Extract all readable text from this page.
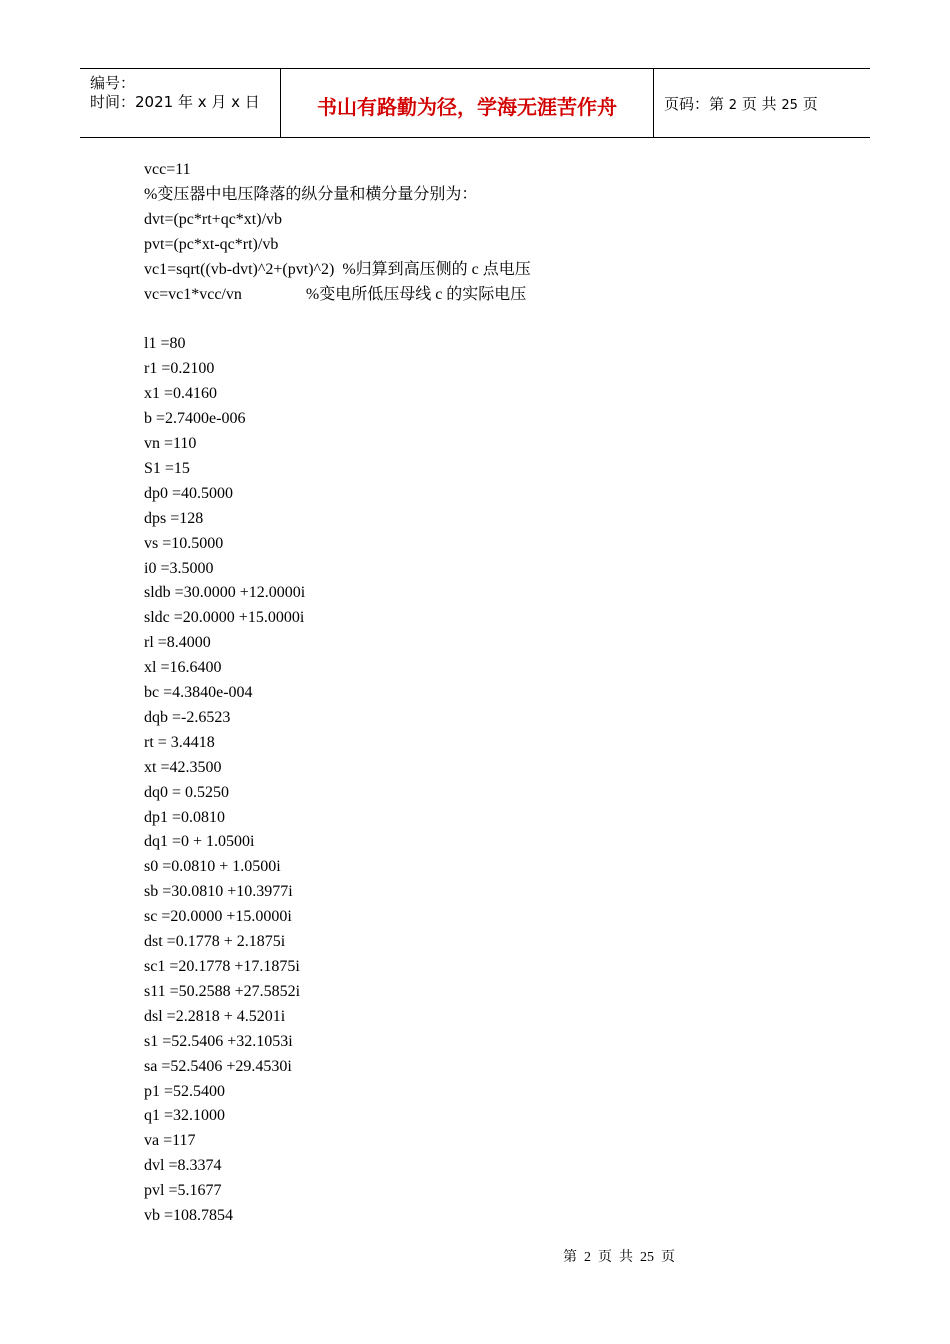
编号：
时间：2021 年 x 月 x 日	书山有路勤为径，学海无涯苦作舟	页码：第 2 页 共 25 页
vcc=11
%变压器中电压降落的纵分量和横分量分别为：
dvt=(pc*rt+qc*xt)/vb
pvt=(pc*xt-qc*rt)/vb
vc1=sqrt((vb-dvt)^2+(pvt)^2)  %归算到高压侧的 c 点电压
vc=vc1*vcc/vn                %变电所低压母线 c 的实际电压
l1 =80
r1 =0.2100
x1 =0.4160
b =2.7400e-006
vn =110
S1 =15
dp0 =40.5000
dps =128
vs =10.5000
i0 =3.5000
sldb =30.0000 +12.0000i
sldc =20.0000 +15.0000i
rl =8.4000
xl =16.6400
bc =4.3840e-004
dqb =-2.6523
rt = 3.4418
xt =42.3500
dq0 = 0.5250
dp1 =0.0810
dq1 =0 + 1.0500i
s0 =0.0810 + 1.0500i
sb =30.0810 +10.3977i
sc =20.0000 +15.0000i
dst =0.1778 + 2.1875i
sc1 =20.1778 +17.1875i
s11 =50.2588 +27.5852i
dsl =2.2818 + 4.5201i
s1 =52.5406 +32.1053i
sa =52.5406 +29.4530i
p1 =52.5400
q1 =32.1000
va =117
dvl =8.3374
pvl =5.1677
vb =108.7854
第  2  页  共  25  页
